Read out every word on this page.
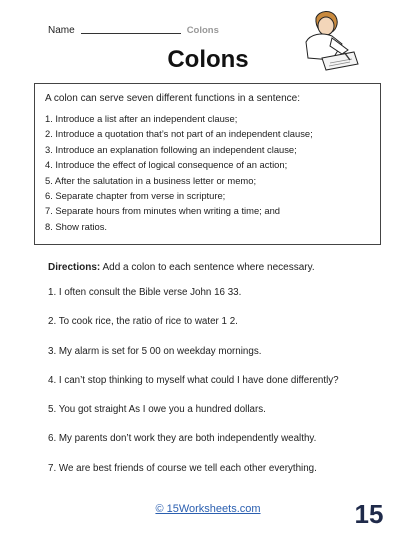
Name	Colons
Colons
A colon can serve seven different functions in a sentence:
1. Introduce a list after an independent clause;
2. Introduce a quotation that’s not part of an independent clause;
3. Introduce an explanation following an independent clause;
4. Introduce the effect of logical consequence of an action;
5. After the salutation in a business letter or memo;
6. Separate chapter from verse in scripture;
7. Separate hours from minutes when writing a time; and
8. Show ratios.
Directions: Add a colon to each sentence where necessary.
1. I often consult the Bible verse John 16 33.
2. To cook rice, the ratio of rice to water 1 2.
3. My alarm is set for 5 00 on weekday mornings.
4. I can’t stop thinking to myself what could I have done differently?
5. You got straight As I owe you a hundred dollars.
6. My parents don’t work they are both independently wealthy.
7. We are best friends of course we tell each other everything.
© 15Worksheets.com	15
